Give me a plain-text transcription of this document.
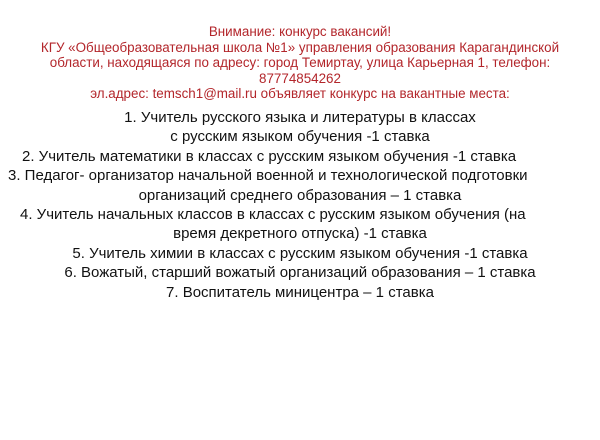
Внимание: конкурс вакансий!
КГУ «Общеобразовательная школа №1» управления образования Карагандинской
области, находящаяся по адресу: город Темиртау, улица Карьерная 1, телефон:
87774854262
эл.адрес: temsch1@mail.ru объявляет конкурс на вакантные места:
1. Учитель русского языка и литературы в классах
с русским языком обучения -1 ставка
2. Учитель математики в классах с русским языком обучения -1 ставка
3. Педагог- организатор начальной военной и технологической подготовки
организаций среднего образования – 1 ставка
4. Учитель начальных классов в классах с русским языком обучения (на
время декретного отпуска) -1 ставка
5. Учитель химии в классах с русским языком обучения -1 ставка
6. Вожатый, старший вожатый организаций образования – 1 ставка
7. Воспитатель миницентра – 1 ставка
